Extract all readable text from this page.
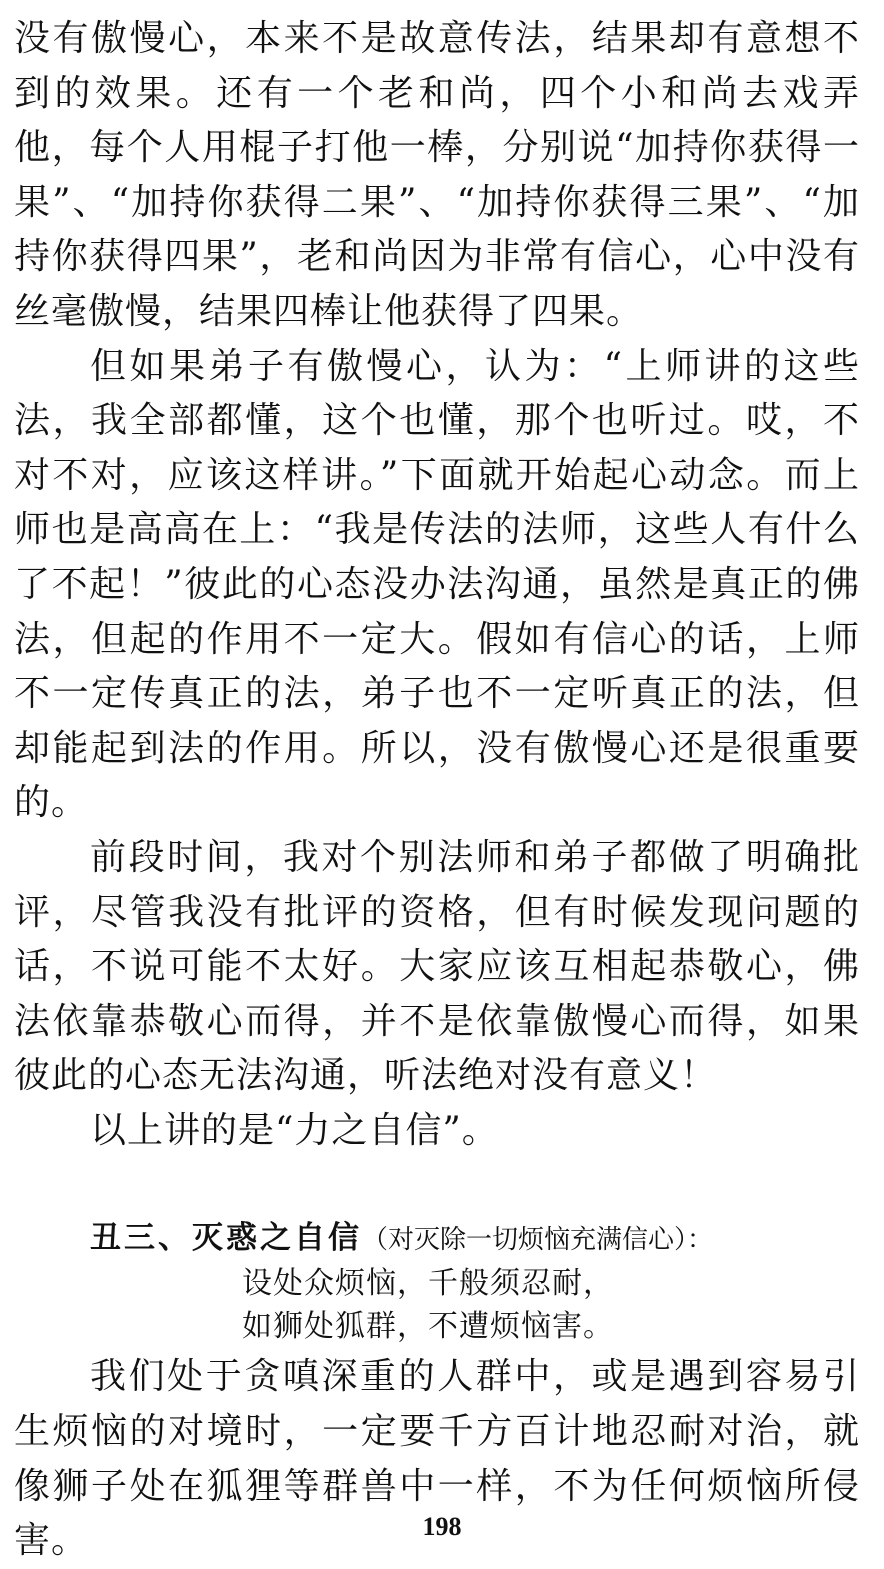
没有傲慢心，本来不是故意传法，结果却有意想不到的效果。还有一个老和尚，四个小和尚去戏弄他，每个人用棍子打他一棒，分别说“加持你获得一果”、“加持你获得二果”、“加持你获得三果”、“加持你获得四果”，老和尚因为非常有信心，心中没有丝毫傲慢，结果四棒让他获得了四果。

但如果弟子有傲慢心，认为：“上师讲的这些法，我全部都懂，这个也懂，那个也听过。哎，不对不对，应该这样讲。”下面就开始起心动念。而上师也是高高在上：“我是传法的法师，这些人有什么了不起！”彼此的心态没办法沟通，虽然是真正的佛法，但起的作用不一定大。假如有信心的话，上师不一定传真正的法，弟子也不一定听真正的法，但却能起到法的作用。所以，没有傲慢心还是很重要的。

前段时间，我对个别法师和弟子都做了明确批评，尽管我没有批评的资格，但有时候发现问题的话，不说可能不太好。大家应该互相起恭敬心，佛法依靠恭敬心而得，并不是依靠傲慢心而得，如果彼此的心态无法沟通，听法绝对没有意义！

以上讲的是“力之自信”。

丑三、灭惑之自信（对灭除一切烦恼充满信心）：
设处众烦恼，千般须忍耐，
如狮处狐群，不遭烦恼害。

我们处于贪嗔深重的人群中，或是遇到容易引生烦恼的对境时，一定要千方百计地忍耐对治，就像狮子处在狐狸等群兽中一样，不为任何烦恼所侵害。	198
